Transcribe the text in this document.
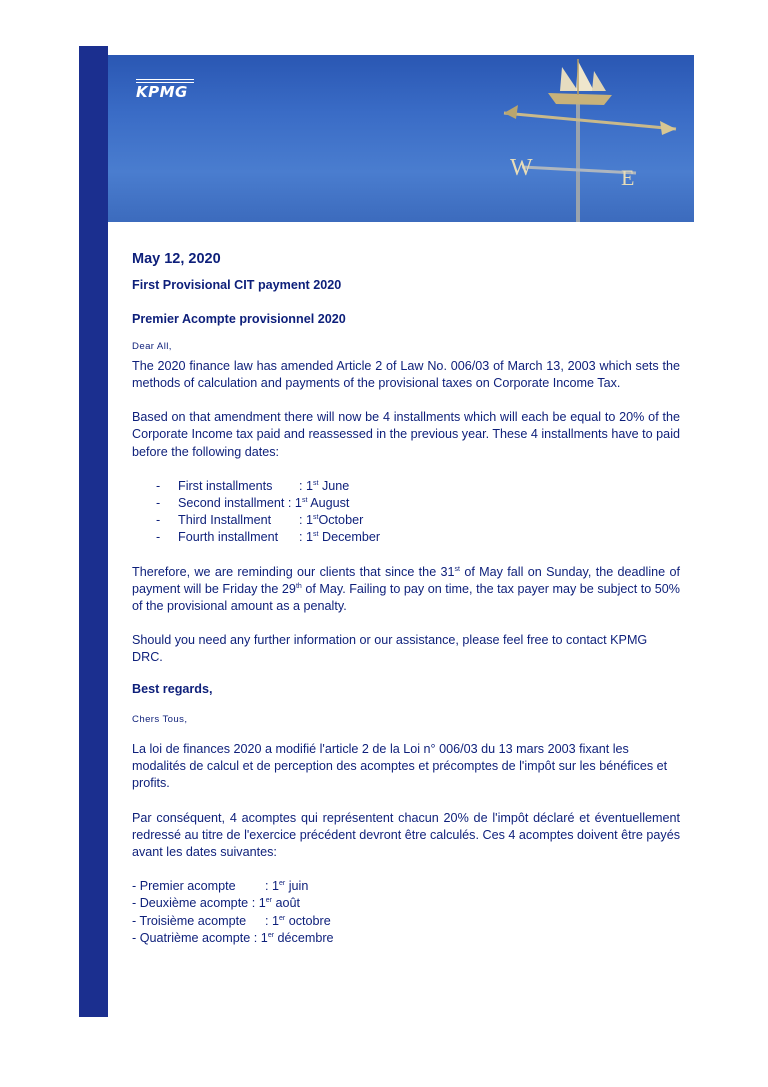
KPMG
W	E

May 12, 2020

First Provisional CIT payment 2020

Premier Acompte provisionnel 2020

Dear All,

The 2020 finance law has amended Article 2 of Law No. 006/03 of March 13, 2003 which sets the methods of calculation and payments of the provisional taxes on Corporate Income Tax.

Based on that amendment there will now be 4 installments which will each be equal to 20% of the Corporate Income tax paid and reassessed in the previous year. These 4 installments have to paid before the following dates:

- First installments : 1st June
- Second installment : 1st August
- Third Installment : 1stOctober
- Fourth installment : 1st December

Therefore, we are reminding our clients that since the 31st of May fall on Sunday, the deadline of payment will be Friday the 29th of May. Failing to pay on time, the tax payer may be subject to 50% of the provisional amount as a penalty.

Should you need any further information or our assistance, please feel free to contact KPMG DRC.

Best regards,

Chers Tous,

La loi de finances 2020 a modifié l'article 2 de la Loi n° 006/03 du 13 mars 2003 fixant les modalités de calcul et de perception des acomptes et précomptes de l'impôt sur les bénéfices et profits.

Par conséquent, 4 acomptes qui représentent chacun 20% de l'impôt déclaré et éventuellement redressé au titre de l'exercice précédent devront être calculés. Ces 4 acomptes doivent être payés avant les dates suivantes:

- Premier acompte : 1er juin
- Deuxième acompte : 1er août
- Troisième acompte : 1er octobre
- Quatrième acompte : 1er décembre
